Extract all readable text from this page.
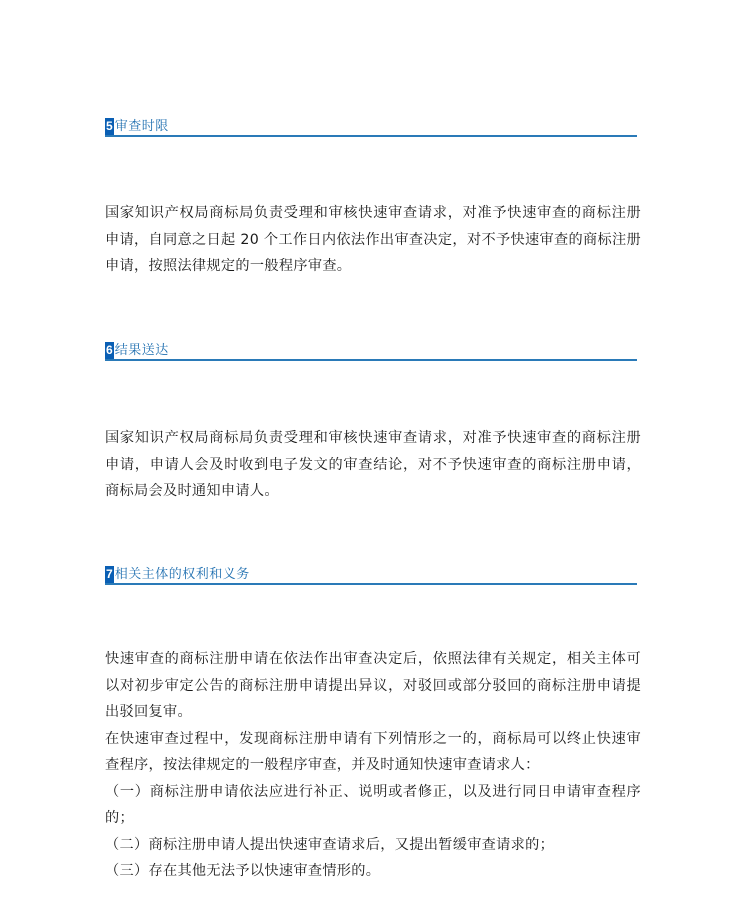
5 审查时限

国家知识产权局商标局负责受理和审核快速审查请求，对准予快速审查的商标注册申请，自同意之日起 20 个工作日内依法作出审查决定，对不予快速审查的商标注册申请，按照法律规定的一般程序审查。

6 结果送达

国家知识产权局商标局负责受理和审核快速审查请求，对准予快速审查的商标注册申请，申请人会及时收到电子发文的审查结论，对不予快速审查的商标注册申请，商标局会及时通知申请人。

7 相关主体的权利和义务

快速审查的商标注册申请在依法作出审查决定后，依照法律有关规定，相关主体可以对初步审定公告的商标注册申请提出异议，对驳回或部分驳回的商标注册申请提出驳回复审。

在快速审查过程中，发现商标注册申请有下列情形之一的，商标局可以终止快速审查程序，按法律规定的一般程序审查，并及时通知快速审查请求人：

（一）商标注册申请依法应进行补正、说明或者修正，以及进行同日申请审查程序的；

（二）商标注册申请人提出快速审查请求后，又提出暂缓审查请求的；

（三）存在其他无法予以快速审查情形的。
